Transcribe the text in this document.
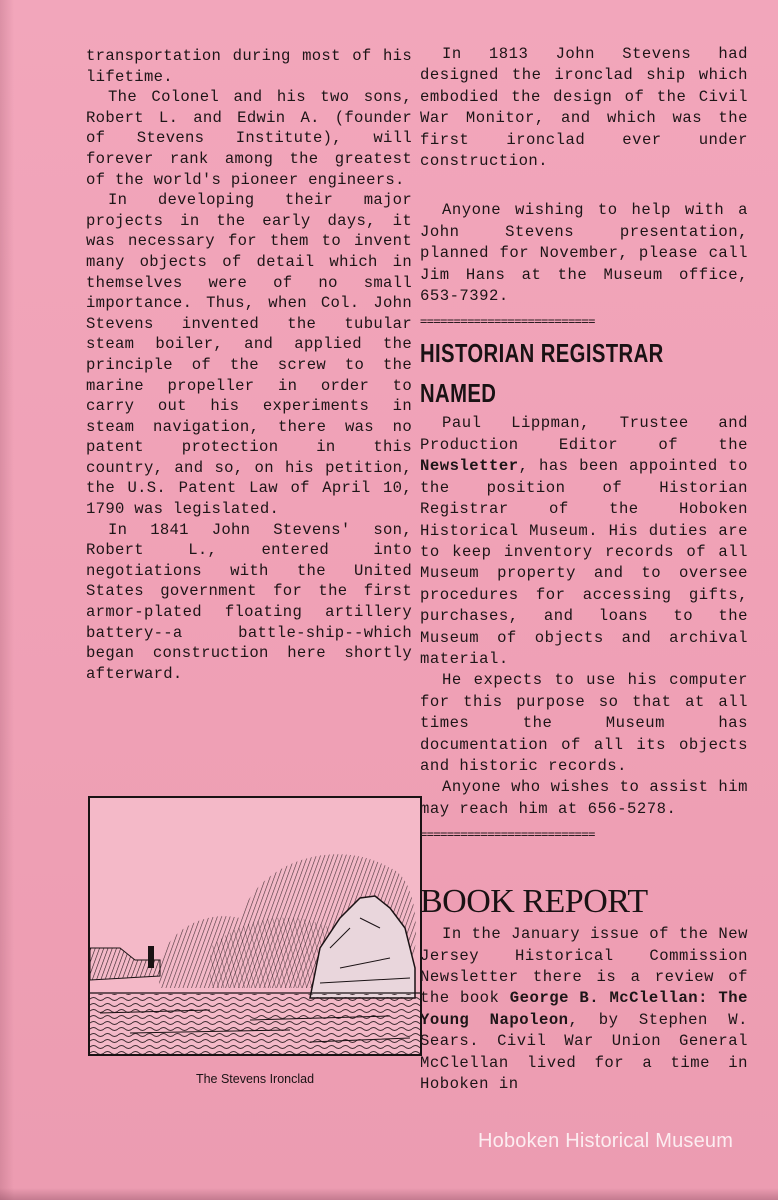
transportation during most of his lifetime.

The Colonel and his two sons, Robert L. and Edwin A. (founder of Stevens Institute), will forever rank among the greatest of the world's pioneer engineers.

In developing their major projects in the early days, it was necessary for them to invent many objects of detail which in themselves were of no small importance. Thus, when Col. John Stevens invented the tubular steam boiler, and applied the principle of the screw to the marine propeller in order to carry out his experiments in steam navigation, there was no patent protection in this country, and so, on his petition, the U.S. Patent Law of April 10, 1790 was legislated.

In 1841 John Stevens' son, Robert L., entered into negotiations with the United States government for the first armor-plated floating artillery battery--a battle-ship--which began construction here shortly afterward.

The Stevens Ironclad

In 1813 John Stevens had designed the ironclad ship which embodied the design of the Civil War Monitor, and which was the first ironclad ever under construction.

Anyone wishing to help with a John Stevens presentation, planned for November, please call Jim Hans at the Museum office, 653-7392.

==========================
HISTORIAN REGISTRAR
NAMED

Paul Lippman, Trustee and Production Editor of the Newsletter, has been appointed to the position of Historian Registrar of the Hoboken Historical Museum. His duties are to keep inventory records of all Museum property and to oversee procedures for accessing gifts, purchases, and loans to the Museum of objects and archival material.

He expects to use his computer for this purpose so that at all times the Museum has documentation of all its objects and historic records.

Anyone who wishes to assist him may reach him at 656-5278.

==========================
BOOK REPORT

In the January issue of the New Jersey Historical Commission Newsletter there is a review of the book George B. McClellan: The Young Napoleon, by Stephen W. Sears. Civil War Union General McClellan lived for a time in Hoboken in

Hoboken Historical Museum
